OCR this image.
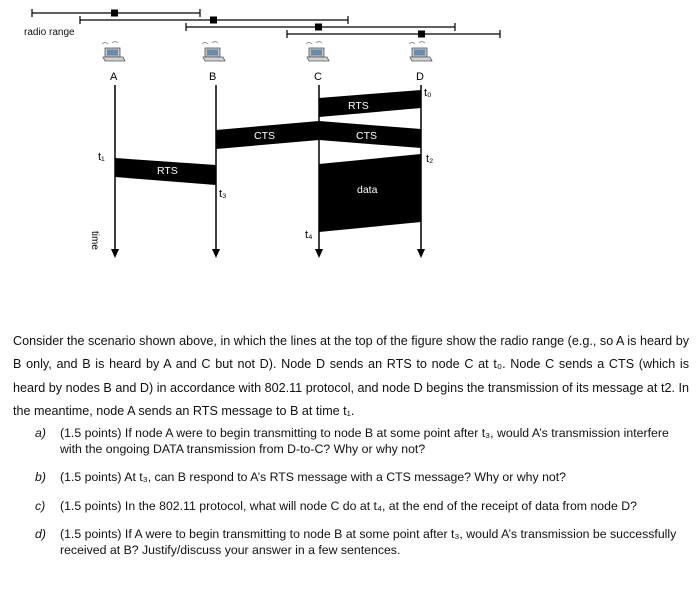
radio range
A	B	C	D
RTS
CTS	CTS
data
RTS
t₀
t₁	t₂
t₃
t₄
time

Consider the scenario shown above, in which the lines at the top of the figure show the radio range (e.g., so A is heard by B only, and B is heard by A and C but not D). Node D sends an RTS to node C at t₀. Node C sends a CTS (which is heard by nodes B and D) in accordance with 802.11 protocol, and node D begins the transmission of its message at t2. In the meantime, node A sends an RTS message to B at time t₁.

a) (1.5 points) If node A were to begin transmitting to node B at some point after t₃, would A’s transmission interfere with the ongoing DATA transmission from D-to-C? Why or why not?
b) (1.5 points) At t₃, can B respond to A’s RTS message with a CTS message? Why or why not?
c) (1.5 points) In the 802.11 protocol, what will node C do at t₄, at the end of the receipt of data from node D?
d) (1.5 points) If A were to begin transmitting to node B at some point after t₃, would A’s transmission be successfully received at B? Justify/discuss your answer in a few sentences.
